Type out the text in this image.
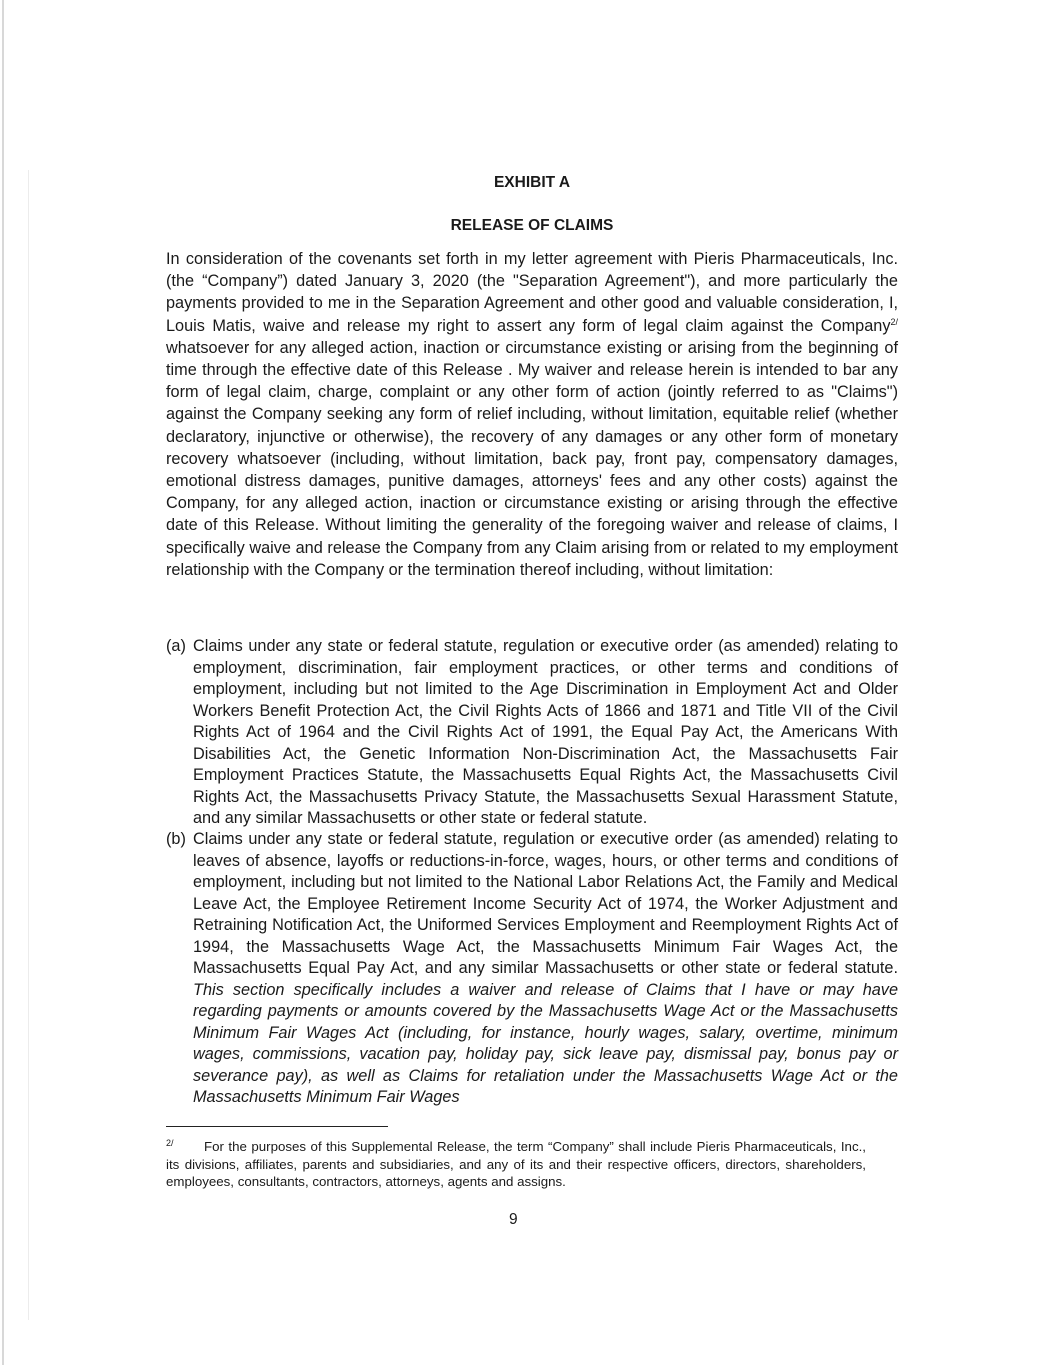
EXHIBIT A
RELEASE OF CLAIMS
In consideration of the covenants set forth in my letter agreement with Pieris Pharmaceuticals, Inc. (the “Company”) dated January 3, 2020 (the "Separation Agreement"), and more particularly the payments provided to me in the Separation Agreement and other good and valuable consideration, I, Louis Matis, waive and release my right to assert any form of legal claim against the Company$^{2/}$ whatsoever for any alleged action, inaction or circumstance existing or arising from the beginning of time through the effective date of this Release . My waiver and release herein is intended to bar any form of legal claim, charge, complaint or any other form of action (jointly referred to as "Claims") against the Company seeking any form of relief including, without limitation, equitable relief (whether declaratory, injunctive or otherwise), the recovery of any damages or any other form of monetary recovery whatsoever (including, without limitation, back pay, front pay, compensatory damages, emotional distress damages, punitive damages, attorneys' fees and any other costs) against the Company, for any alleged action, inaction or circumstance existing or arising through the effective date of this Release. Without limiting the generality of the foregoing waiver and release of claims, I specifically waive and release the Company from any Claim arising from or related to my employment relationship with the Company or the termination thereof including, without limitation:
(a) Claims under any state or federal statute, regulation or executive order (as amended) relating to employment, discrimination, fair employment practices, or other terms and conditions of employment, including but not limited to the Age Discrimination in Employment Act and Older Workers Benefit Protection Act, the Civil Rights Acts of 1866 and 1871 and Title VII of the Civil Rights Act of 1964 and the Civil Rights Act of 1991, the Equal Pay Act, the Americans With Disabilities Act, the Genetic Information Non-Discrimination Act, the Massachusetts Fair Employment Practices Statute, the Massachusetts Equal Rights Act, the Massachusetts Civil Rights Act, the Massachusetts Privacy Statute, the Massachusetts Sexual Harassment Statute, and any similar Massachusetts or other state or federal statute.
(b) Claims under any state or federal statute, regulation or executive order (as amended) relating to leaves of absence, layoffs or reductions-in-force, wages, hours, or other terms and conditions of employment, including but not limited to the National Labor Relations Act, the Family and Medical Leave Act, the Employee Retirement Income Security Act of 1974, the Worker Adjustment and Retraining Notification Act, the Uniformed Services Employment and Reemployment Rights Act of 1994, the Massachusetts Wage Act, the Massachusetts Minimum Fair Wages Act, the Massachusetts Equal Pay Act, and any similar Massachusetts or other state or federal statute. This section specifically includes a waiver and release of Claims that I have or may have regarding payments or amounts covered by the Massachusetts Wage Act or the Massachusetts Minimum Fair Wages Act (including, for instance, hourly wages, salary, overtime, minimum wages, commissions, vacation pay, holiday pay, sick leave pay, dismissal pay, bonus pay or severance pay), as well as Claims for retaliation under the Massachusetts Wage Act or the Massachusetts Minimum Fair Wages
2/ For the purposes of this Supplemental Release, the term “Company” shall include Pieris Pharmaceuticals, Inc., its divisions, affiliates, parents and subsidiaries, and any of its and their respective officers, directors, shareholders, employees, consultants, contractors, attorneys, agents and assigns.
9
